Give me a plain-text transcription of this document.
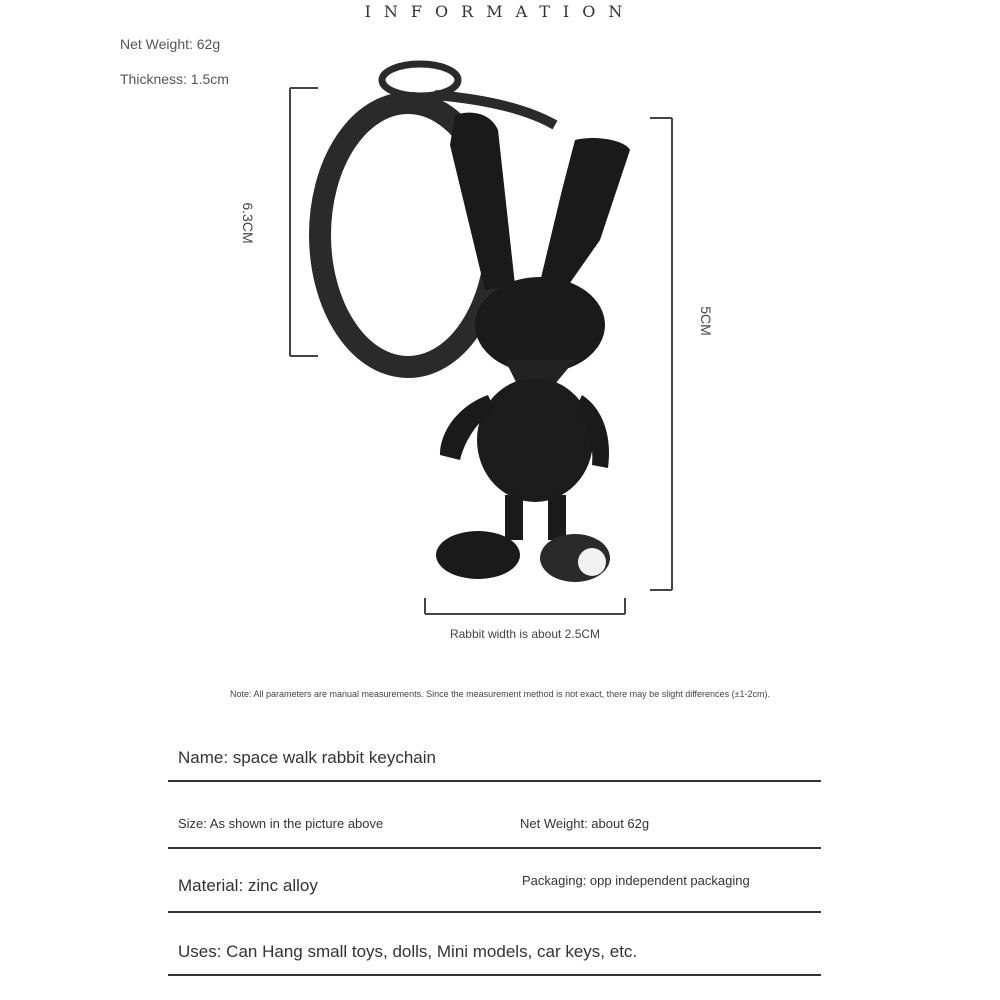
INFORMATION
Net Weight: 62g
Thickness: 1.5cm
6.3CM
5CM
Rabbit width is about 2.5CM
Note: All parameters are manual measurements. Since the measurement method is not exact, there may be slight differences (±1-2cm).
Name: space walk rabbit keychain
Size: As shown in the picture above	Net Weight: about 62g
Material: zinc alloy	Packaging: opp independent packaging
Uses: Can Hang small toys, dolls, Mini models, car keys, etc.
